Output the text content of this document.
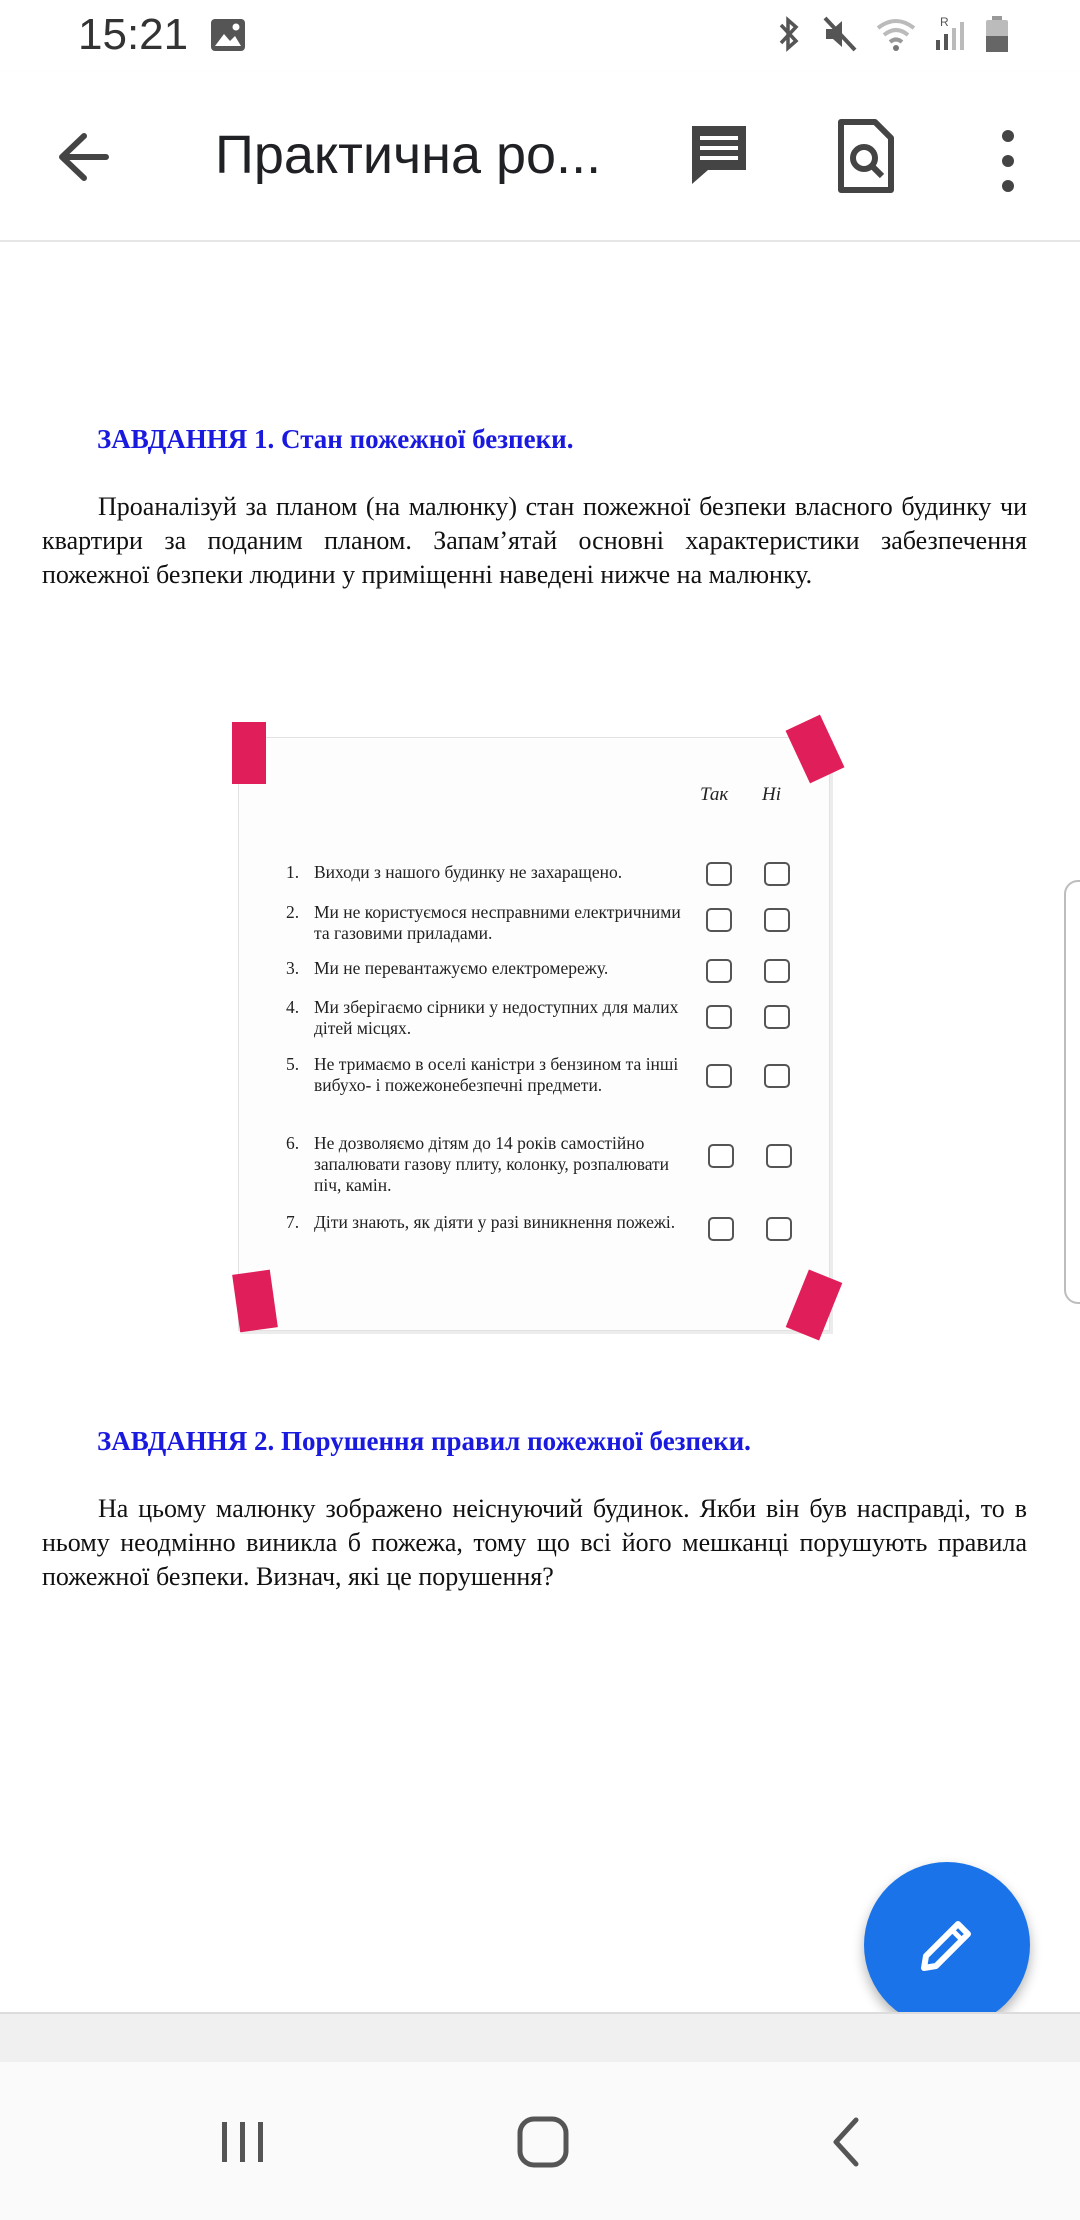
15:21	R
Практична ро...
ЗАВДАННЯ 1. Стан пожежної безпеки.
Проаналізуй за планом (на малюнку) стан пожежної безпеки власного будинку чи квартири за поданим планом. Запам’ятай основні характеристики забезпечення пожежної безпеки людини у приміщенні наведені нижче на малюнку.
Так Ні
1. Виходи з нашого будинку не захаращено.
2. Ми не користуємося несправними електричними та газовими приладами.
3. Ми не перевантажуємо електромережу.
4. Ми зберігаємо сірники у недоступних для малих дітей місцях.
5. Не тримаємо в оселі каністри з бензином та інші вибухо- і пожежонебезпечні предмети.
6. Не дозволяємо дітям до 14 років самостійно запалювати газову плиту, колонку, розпалювати піч, камін.
7. Діти знають, як діяти у разі виникнення пожежі.
ЗАВДАННЯ 2. Порушення правил пожежної безпеки.
На цьому малюнку зображено неіснуючий будинок. Якби він був насправді, то в ньому неодмінно виникла б пожежа, тому що всі його мешканці порушують правила пожежної безпеки. Визнач, які це порушення?
